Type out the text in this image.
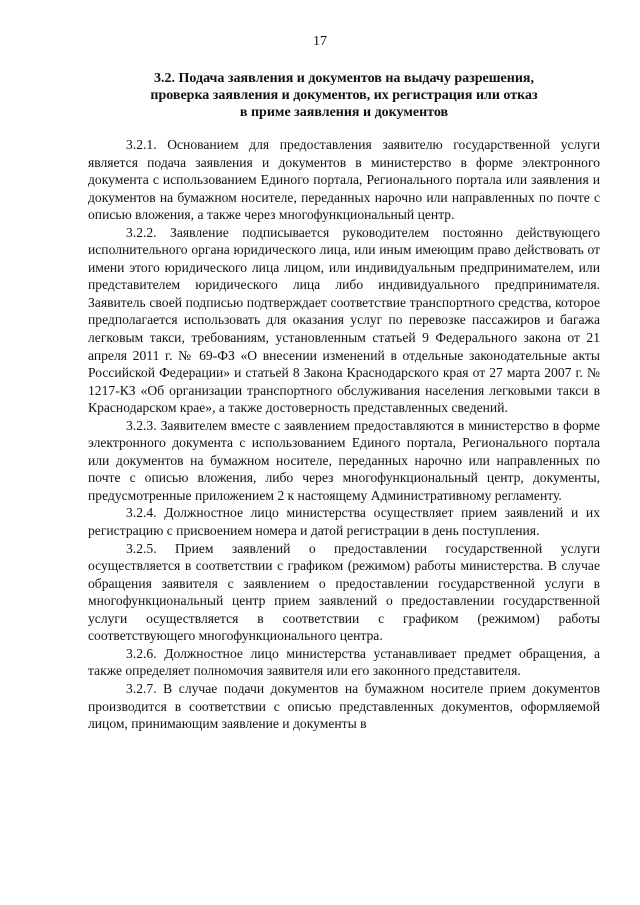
17
3.2. Подача заявления и документов на выдачу разрешения,
проверка заявления и документов, их регистрация или отказ
в приме заявления и документов

3.2.1. Основанием для предоставления заявителю государственной услуги является подача заявления и документов в министерство в форме электронного документа с использованием Единого портала, Регионального портала или заявления и документов на бумажном носителе, переданных нарочно или направленных по почте с описью вложения, а также через многофункциональный центр.

3.2.2. Заявление подписывается руководителем постоянно действующего исполнительного органа юридического лица, или иным имеющим право действовать от имени этого юридического лица лицом, или индивидуальным предпринимателем, или представителем юридического лица либо индивидуального предпринимателя. Заявитель своей подписью подтверждает соответствие транспортного средства, которое предполагается использовать для оказания услуг по перевозке пассажиров и багажа легковым такси, требованиям, установленным статьей 9 Федерального закона от 21 апреля 2011 г. № 69-ФЗ «О внесении изменений в отдельные законодательные акты Российской Федерации» и статьей 8 Закона Краснодарского края от 27 марта 2007 г. № 1217-КЗ «Об организации транспортного обслуживания населения легковыми такси в Краснодарском крае», а также достоверность представленных сведений.

3.2.3. Заявителем вместе с заявлением предоставляются в министерство в форме электронного документа с использованием Единого портала, Регионального портала или документов на бумажном носителе, переданных нарочно или направленных по почте с описью вложения, либо через многофункциональный центр, документы, предусмотренные приложением 2 к настоящему Административному регламенту.

3.2.4. Должностное лицо министерства осуществляет прием заявлений и их регистрацию с присвоением номера и датой регистрации в день поступления.

3.2.5. Прием заявлений о предоставлении государственной услуги осуществляется в соответствии с графиком (режимом) работы министерства. В случае обращения заявителя с заявлением о предоставлении государственной услуги в многофункциональный центр прием заявлений о предоставлении государственной услуги осуществляется в соответствии с графиком (режимом) работы соответствующего многофункционального центра.

3.2.6. Должностное лицо министерства устанавливает предмет обращения, а также определяет полномочия заявителя или его законного представителя.

3.2.7. В случае подачи документов на бумажном носителе прием документов производится в соответствии с описью представленных документов, оформляемой лицом, принимающим заявление и документы в
